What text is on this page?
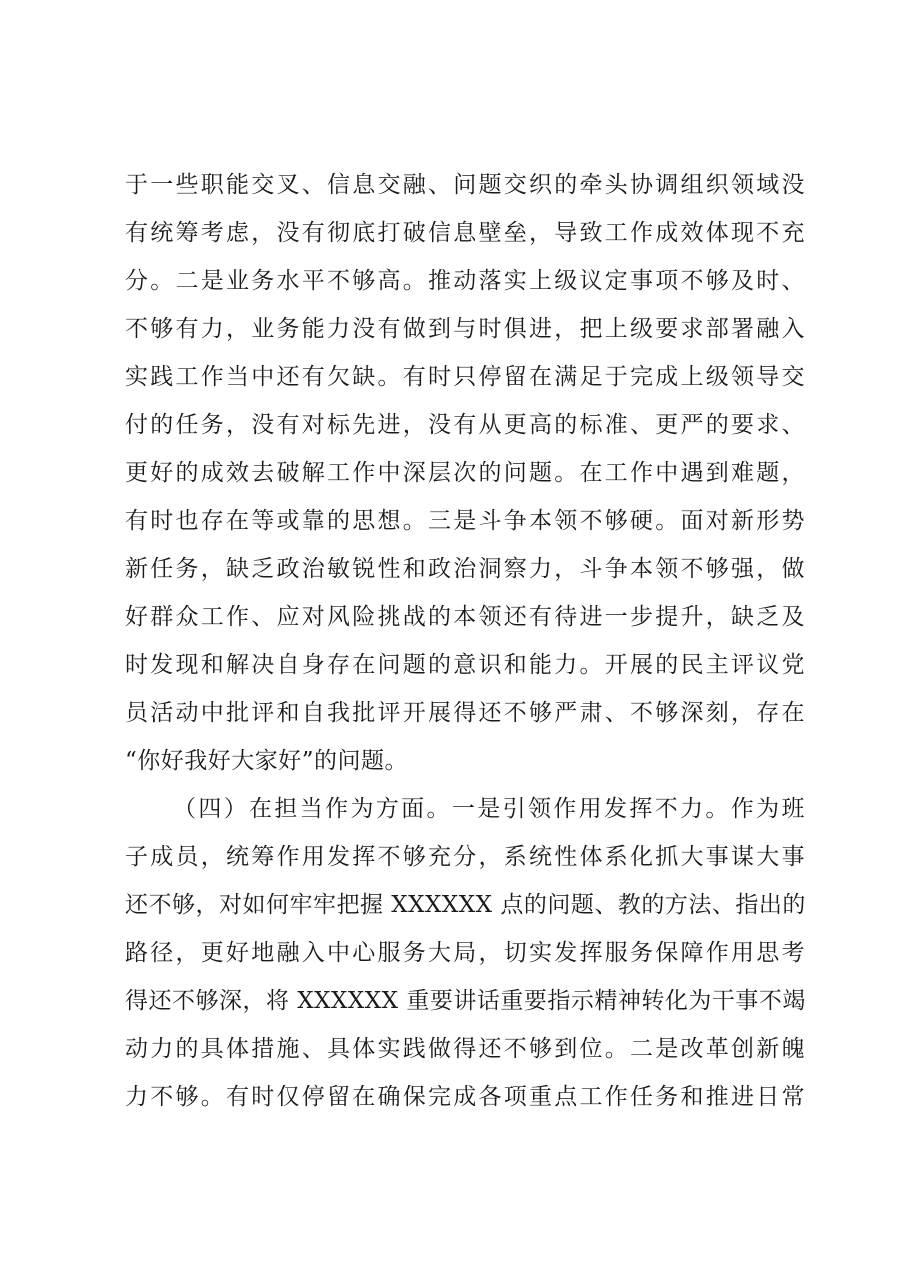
于一些职能交叉、信息交融、问题交织的牵头协调组织领域没
有统筹考虑，没有彻底打破信息壁垒，导致工作成效体现不充
分。二是业务水平不够高。推动落实上级议定事项不够及时、
不够有力，业务能力没有做到与时俱进，把上级要求部署融入
实践工作当中还有欠缺。有时只停留在满足于完成上级领导交
付的任务，没有对标先进，没有从更高的标准、更严的要求、
更好的成效去破解工作中深层次的问题。在工作中遇到难题，
有时也存在等或靠的思想。三是斗争本领不够硬。面对新形势
新任务，缺乏政治敏锐性和政治洞察力，斗争本领不够强，做
好群众工作、应对风险挑战的本领还有待进一步提升，缺乏及
时发现和解决自身存在问题的意识和能力。开展的民主评议党
员活动中批评和自我批评开展得还不够严肃、不够深刻，存在
“你好我好大家好”的问题。
（四）在担当作为方面。一是引领作用发挥不力。作为班
子成员，统筹作用发挥不够充分，系统性体系化抓大事谋大事
还不够，对如何牢牢把握 XXXXXX 点的问题、教的方法、指出的
路径，更好地融入中心服务大局，切实发挥服务保障作用思考
得还不够深，将 XXXXXX 重要讲话重要指示精神转化为干事不竭
动力的具体措施、具体实践做得还不够到位。二是改革创新魄
力不够。有时仅停留在确保完成各项重点工作任务和推进日常
